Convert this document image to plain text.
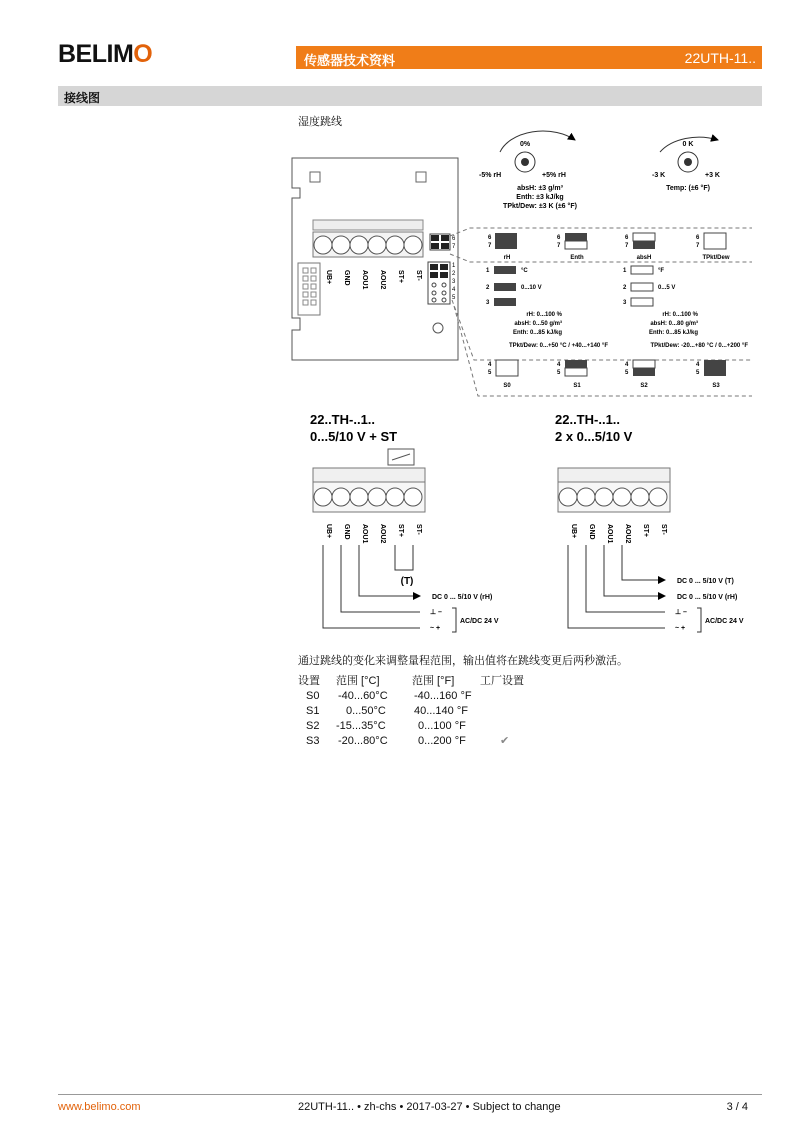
BELIMO	传感器技术资料	22UTH-11..
接线图
湿度跳线
UB+ GND AOU1 AOU2 ST+ ST-
6
7
1
2
3
4
5
0%
-5% rH	+5% rH
absH: ±3 g/m³
Enth: ±3 kJ/kg
TPkt/Dew: ±3 K (±6 °F)
0 K
-3 K	+3 K
Temp: (±6 °F)
6
7
rH
6
7
Enth
6
7
absH
6
7
TPkt/Dew
1	°C	1	°F
2	0...10 V	2	0...5 V
3	3
rH: 0...100 %
absH: 0...50 g/m³
Enth: 0...85 kJ/kg
TPkt/Dew: 0...+50 °C / +40...+140 °F
rH: 0...100 %
absH: 0...80 g/m³
Enth: 0...85 kJ/kg
TPkt/Dew: -20...+80 °C / 0...+200 °F
4
5
S0
4
5
S1
4
5
S2
4
5
S3
22..TH-..1..
0...5/10 V + ST
UB+ GND AOU1 AOU2 ST+ ST-
(T)
DC 0 ... 5/10 V (rH)
⊥ –
~ +
AC/DC 24 V
22..TH-..1..
2 x 0...5/10 V
UB+ GND AOU1 AOU2 ST+ ST-
DC 0 ... 5/10 V (T)
DC 0 ... 5/10 V (rH)
⊥ –
~ +
AC/DC 24 V
通过跳线的变化来调整量程范围，输出值将在跳线变更后两秒激活。
设置	范围 [°C]	范围 [°F]	工厂设置
S0	-40...60°C	-40...160 °F	
S1	0...50°C	40...140 °F	
S2	-15...35°C	0...100 °F	
S3	-20...80°C	0...200 °F	✔
www.belimo.com	22UTH-11.. • zh-chs • 2017-03-27 • Subject to change	3 / 4
